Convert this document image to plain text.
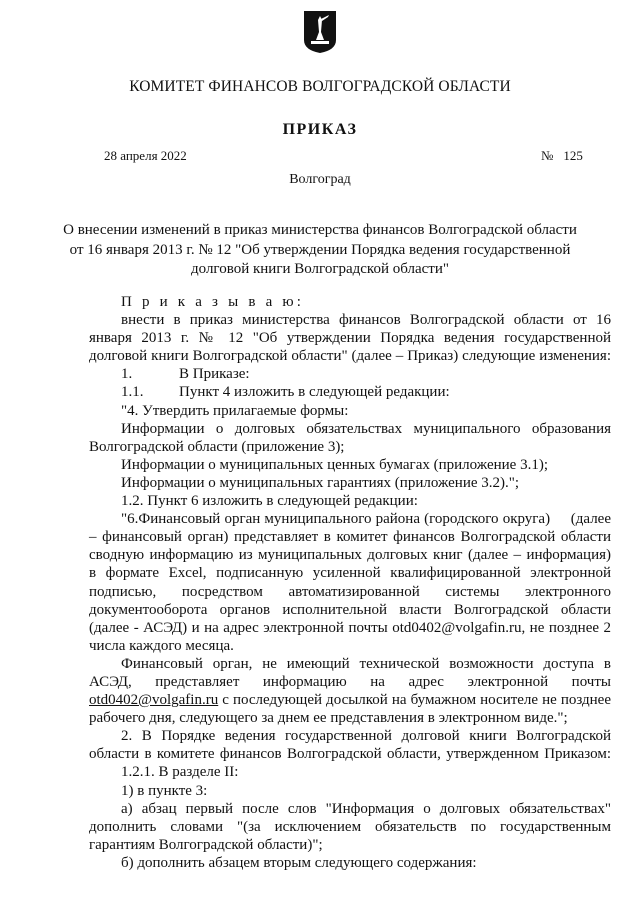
КОМИТЕТ ФИНАНСОВ ВОЛГОГРАДСКОЙ ОБЛАСТИ
ПРИКАЗ
28 апреля 2022	№ 125
Волгоград
О внесении изменений в приказ министерства финансов Волгоградской области
от 16 января 2013 г. № 12 "Об утверждении Порядка ведения государственной
долговой книги Волгоградской области"
П р и к а з ы в а ю:
внести в приказ министерства финансов Волгоградской области от 16
января 2013 г. № 12 "Об утверждении Порядка ведения государственной
долговой книги Волгоградской области" (далее – Приказ) следующие изменения:
1.	В Приказе:
1.1. Пункт 4 изложить в следующей редакции:
"4. Утвердить прилагаемые формы:
Информации о долговых обязательствах муниципального образования
Волгоградской области (приложение 3);
Информации о муниципальных ценных бумагах (приложение 3.1);
Информации о муниципальных гарантиях (приложение 3.2).";
1.2. Пункт 6 изложить в следующей редакции:
"6.Финансовый орган муниципального района (городского округа)     (далее
– финансовый орган) представляет в комитет финансов Волгоградской области
сводную информацию из муниципальных долговых книг (далее – информация)
в формате Excel, подписанную усиленной квалифицированной электронной
подписью, посредством автоматизированной системы электронного
документооборота органов исполнительной власти Волгоградской области
(далее - АСЭД) и на адрес электронной почты otd0402@volgafin.ru, не позднее 2
числа каждого месяца.
Финансовый орган, не имеющий технической возможности доступа в
АСЭД, представляет информацию на адрес электронной почты
otd0402@volgafin.ru с последующей досылкой на бумажном носителе не позднее
рабочего дня, следующего за днем ее представления в электронном виде.";
2. В Порядке ведения государственной долговой книги Волгоградской
области в комитете финансов Волгоградской области, утвержденном Приказом:
1.2.1. В разделе II:
1) в пункте 3:
а) абзац первый после слов "Информация о долговых обязательствах"
дополнить словами "(за исключением обязательств по государственным
гарантиям Волгоградской области)";
б) дополнить абзацем вторым следующего содержания:
